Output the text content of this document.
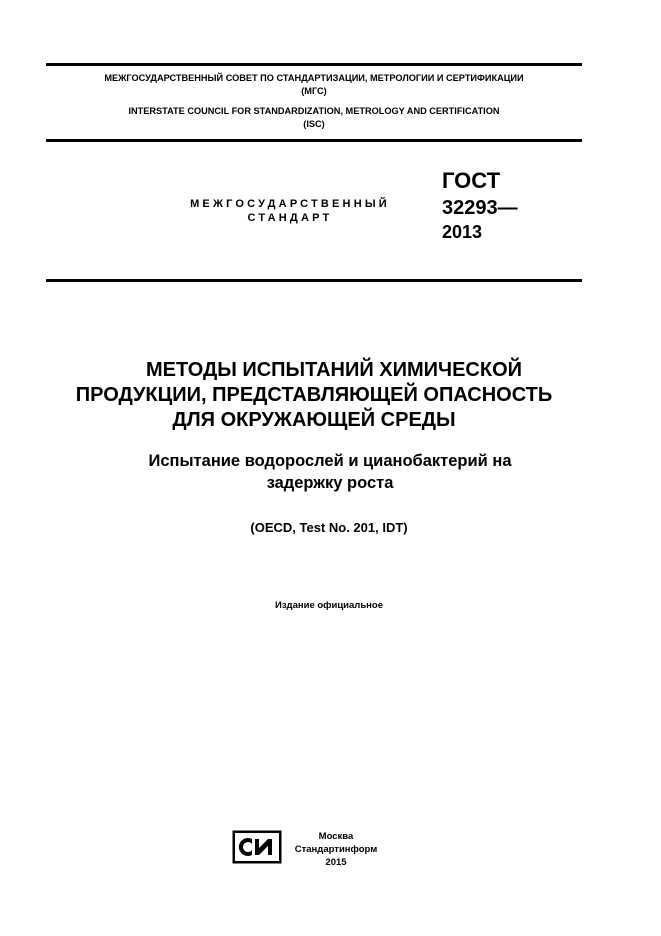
МЕЖГОСУДАРСТВЕННЫЙ СОВЕТ ПО СТАНДАРТИЗАЦИИ, МЕТРОЛОГИИ И СЕРТИФИКАЦИИ
(МГС)
INTERSTATE COUNCIL FOR STANDARDIZATION, METROLOGY AND CERTIFICATION
(ISC)
МЕЖГОСУДАРСТВЕННЫЙ
СТАНДАРТ
ГОСТ
32293—
2013
МЕТОДЫ ИСПЫТАНИЙ ХИМИЧЕСКОЙ
ПРОДУКЦИИ, ПРЕДСТАВЛЯЮЩЕЙ ОПАСНОСТЬ
ДЛЯ ОКРУЖАЮЩЕЙ СРЕДЫ
Испытание водорослей и цианобактерий на
задержку роста
(OECD, Test No. 201, IDT)
Издание официальное
Москва
Стандартинформ
2015
